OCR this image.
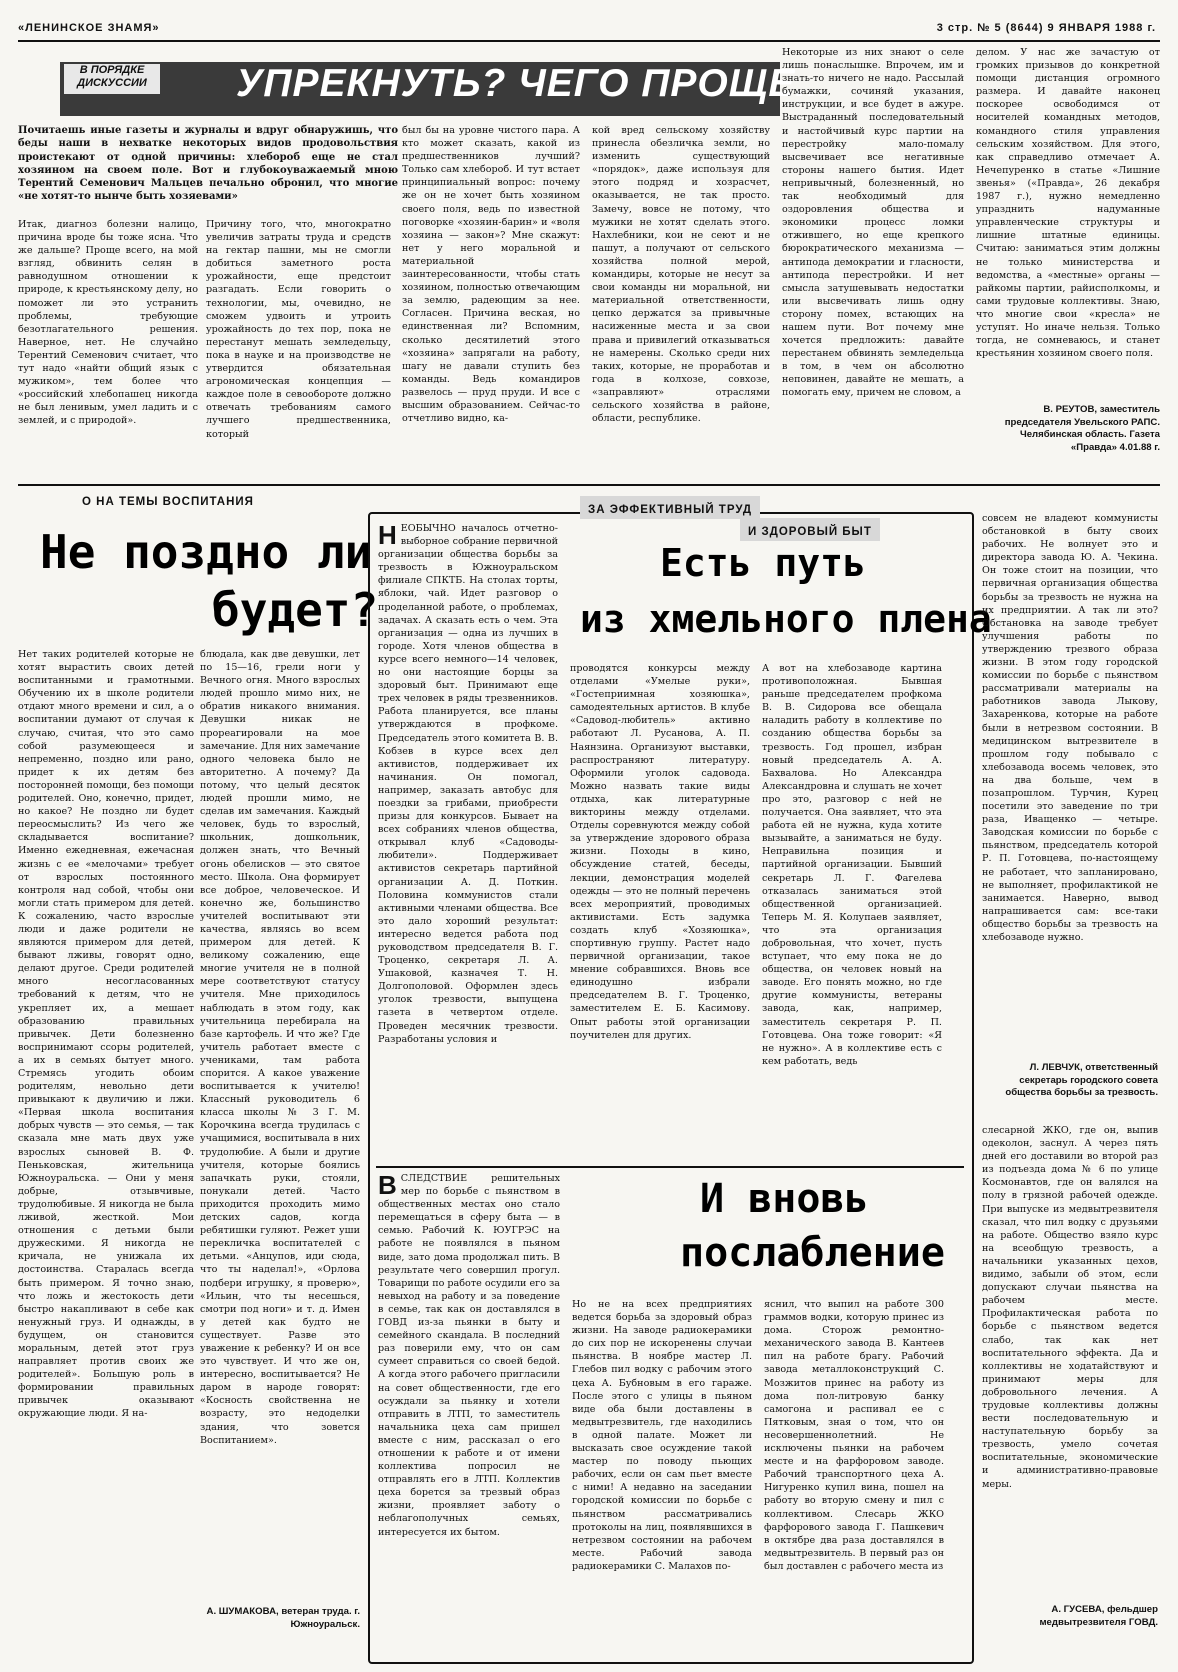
«ЛЕНИНСКОЕ ЗНАМЯ»	3 стр. № 5 (8644) 9 ЯНВАРЯ 1988 г.
В ПОРЯДКЕ ДИСКУССИИ	УПРЕКНУТЬ? ЧЕГО ПРОЩЕ...
Почитаешь иные газеты и журналы и вдруг обнаружишь, что беды наши в нехватке некоторых видов продовольствия проистекают от одной причины: хлебороб еще не стал хозяином на своем поле. Вот и глубокоуважаемый мною Терентий Семенович Мальцев печально обронил, что многие «не хотят-то нынче быть хозяевами»
Итак, диагноз болезни налицо, причина вроде бы тоже ясна. Что же дальше? Проще всего, на мой взгляд, обвинить селян в равнодушном отношении к природе, к крестьянскому делу, но поможет ли это устранить проблемы, требующие безотлагательного решения. Наверное, нет. Не случайно Терентий Семенович считает, что тут надо «найти общий язык с мужиком», тем более что «российский хлебопашец никогда не был ленивым, умел ладить и с землей, и с природой».
Причину того, что, многократно увеличив затраты труда и средств на гектар пашни, мы не смогли добиться заметного роста урожайности, еще предстоит разгадать. Если говорить о технологии, мы, очевидно, не сможем удвоить и утроить урожайность до тех пор, пока не перестанут мешать земледельцу, пока в науке и на производстве не утвердится обязательная агрономическая концепция — каждое поле в севообороте должно отвечать требованиям самого лучшего предшественника, который
был бы на уровне чистого пара. А кто может сказать, какой из предшественников лучший? Только сам хлебороб. И тут встает принципиальный вопрос: почему же он не хочет быть хозяином своего поля, ведь по известной поговорке «хозяин-барин» и «воля хозяина — закон»? Мне скажут: нет у него моральной и материальной заинтересованности, чтобы стать хозяином, полностью отвечающим за землю, радеющим за нее. Согласен. Причина веская, но единственная ли? Вспомним, сколько десятилетий этого «хозяина» запрягали на работу, шагу не давали ступить без команды. Ведь командиров развелось — пруд пруди. И все с высшим образованием. Сейчас-то отчетливо видно, ка-
кой вред сельскому хозяйству принесла обезличка земли, но изменить существующий «порядок», даже используя для этого подряд и хозрасчет, оказывается, не так просто. Замечу, вовсе не потому, что мужики не хотят сделать этого. Нахлебники, кои не сеют и не пашут, а получают от сельского хозяйства полной мерой, командиры, которые не несут за свои команды ни моральной, ни материальной ответственности, цепко держатся за привычные насиженные места и за свои права и привилегий отказываться не намерены. Сколько среди них таких, которые, не проработав и года в колхозе, совхозе, «заправляют» отраслями сельского хозяйства в районе, области, республике.
Некоторые из них знают о селе лишь понаслышке. Впрочем, им и знать-то ничего не надо. Рассылай бумажки, сочиняй указания, инструкции, и все будет в ажуре. Выстраданный последовательный и настойчивый курс партии на перестройку мало-помалу высвечивает все негативные стороны нашего бытия. Идет непривычный, болезненный, но так необходимый для оздоровления общества и экономики процесс ломки отжившего, но еще крепкого бюрократического механизма — антипода демократии и гласности, антипода перестройки. И нет смысла затушевывать недостатки или высвечивать лишь одну сторону помех, встающих на нашем пути. Вот почему мне хочется предложить: давайте перестанем обвинять земледельца в том, в чем он абсолютно неповинен, давайте не мешать, а помогать ему, причем не словом, а
делом. У нас же зачастую от громких призывов до конкретной помощи дистанция огромного размера. И давайте наконец поскорее освободимся от носителей командных методов, командного стиля управления сельским хозяйством. Для этого, как справедливо отмечает А. Нечепуренко в статье «Лишние звенья» («Правда», 26 декабря 1987 г.), нужно немедленно упразднить надуманные управленческие структуры и лишние штатные единицы. Считаю: заниматься этим должны не только министерства и ведомства, а «местные» органы — райкомы партии, райисполкомы, и сами трудовые коллективы. Знаю, что многие свои «кресла» не уступят. Но иначе нельзя. Только тогда, не сомневаюсь, и станет крестьянин хозяином своего поля.
В. РЕУТОВ, заместитель председателя Увельского РАПС. Челябинская область. Газета «Правда» 4.01.88 г.
О НА ТЕМЫ ВОСПИТАНИЯ
Не поздно ли
будет?
Нет таких родителей которые не хотят вырастить своих детей воспитанными и грамотными. Обучению их в школе родители отдают много времени и сил, а о воспитании думают от случая к случаю, считая, что это само собой разумеющееся и непременно, поздно или рано, придет к их детям без посторонней помощи, без помощи родителей. Оно, конечно, придет, но какое? Не поздно ли будет переосмыслить? Из чего же складывается воспитание? Именно ежедневная, ежечасная жизнь с ее «мелочами» требует от взрослых постоянного контроля над собой, чтобы они могли стать примером для детей. К сожалению, часто взрослые люди и даже родители не являются примером для детей, бывают лживы, говорят одно, делают другое. Среди родителей много несогласованных требований к детям, что не укрепляет их, а мешает образованию правильных привычек. Дети болезненно воспринимают ссоры родителей, а их в семьях бытует много. Стремясь угодить обоим родителям, невольно дети привыкают к двуличию и лжи. «Первая школа воспитания добрых чувств — это семья, — так сказала мне мать двух уже взрослых сыновей В. Ф. Пеньковская, жительница Южноуральска. — Они у меня добрые, отзывчивые, трудолюбивые. Я никогда не была лживой, жесткой. Мои отношения с детьми были дружескими. Я никогда не кричала, не унижала их достоинства. Старалась всегда быть примером. Я точно знаю, что ложь и жестокость дети быстро накапливают в себе как ненужный груз. И однажды, в будущем, он становится моральным, детей этот груз направляет против своих же родителей». Большую роль в формировании правильных привычек оказывают окружающие люди. Я на-
блюдала, как две девушки, лет по 15—16, грели ноги у Вечного огня. Много взрослых людей прошло мимо них, не обратив никакого внимания. Девушки никак не прореагировали на мое замечание. Для них замечание одного человека было не авторитетно. А почему? Да потому, что целый десяток людей прошли мимо, не сделав им замечания. Каждый человек, будь то взрослый, школьник, дошкольник, должен знать, что Вечный огонь обелисков — это святое место. Школа. Она формирует все доброе, человеческое. И конечно же, большинство учителей воспитывают эти качества, являясь во всем примером для детей. К великому сожалению, еще многие учителя не в полной мере соответствуют статусу учителя. Мне приходилось наблюдать в этом году, как учительница перебирала на базе картофель. И что же? Где учитель работает вместе с учениками, там работа спорится. А какое уважение воспитывается к учителю! Классный руководитель 6 класса школы № 3 Г. М. Корочкина всегда трудилась с учащимися, воспитывала в них трудолюбие. А были и другие учителя, которые боялись запачкать руки, стояли, понукали детей. Часто приходится проходить мимо детских садов, когда ребятишки гуляют. Режет уши перекличка воспитателей с детьми. «Анцупов, иди сюда, что ты наделал!», «Орлова подбери игрушку, я проверю», «Ильин, что ты несешься, смотри под ноги» и т. д. Имен у детей как будто не существует. Разве это уважение к ребенку? И он все это чувствует. И что же он, интересно, воспитывается? Не даром в народе говорят: «Косность свойственна не возрасту, это недоделки здания, что зовется Воспитанием».
А. ШУМАКОВА, ветеран труда. г. Южноуральск.
ЗА ЭФФЕКТИВНЫЙ ТРУД
И ЗДОРОВЫЙ БЫТ
Есть путь
из хмельного плена
НЕОБЫЧНО началось отчетно-выборное собрание первичной организации общества борьбы за трезвость в Южноуральском филиале СПКТБ. На столах торты, яблоки, чай. Идет разговор о проделанной работе, о проблемах, задачах. А сказать есть о чем. Эта организация — одна из лучших в городе. Хотя членов общества в курсе всего немного—14 человек, но они настоящие борцы за здоровый быт. Принимают еще трех человек в ряды трезвенников. Работа планируется, все планы утверждаются в профкоме. Председатель этого комитета В. В. Кобзев в курсе всех дел активистов, поддерживает их начинания. Он помогал, например, заказать автобус для поездки за грибами, приобрести призы для конкурсов. Бывает на всех собраниях членов общества, открывал клуб «Садоводы-любители». Поддерживает активистов секретарь партийной организации А. Д. Поткин. Половина коммунистов стали активными членами общества. Все это дало хороший результат: интересно ведется работа под руководством председателя В. Г. Троценко, секретаря Л. А. Ушаковой, казначея Т. Н. Долгополовой. Оформлен здесь уголок трезвости, выпущена газета в четвертом отделе. Проведен месячник трезвости. Разработаны условия и
проводятся конкурсы между отделами «Умелые руки», «Гостеприимная хозяюшка», самодеятельных артистов. В клубе «Садовод-любитель» активно работают Л. Русанова, А. П. Наянзина. Организуют выставки, распространяют литературу. Оформили уголок садовода. Можно назвать такие виды отдыха, как литературные викторины между отделами. Отделы соревнуются между собой за утверждение здорового образа жизни. Походы в кино, обсуждение статей, беседы, лекции, демонстрация моделей одежды — это не полный перечень всех мероприятий, проводимых активистами. Есть задумка создать клуб «Хозяюшка», спортивную группу. Растет надо первичной организации, такое мнение собравшихся. Вновь все единодушно избрали председателем В. Г. Троценко, заместителем Е. Б. Касимову. Опыт работы этой организации поучителен для других.
А вот на хлебозаводе картина противоположная. Бывшая раньше председателем профкома В. В. Сидорова все обещала наладить работу в коллективе по созданию общества борьбы за трезвость. Год прошел, избран новый председатель А. А. Бахвалова. Но Александра Александровна и слушать не хочет про это, разговор с ней не получается. Она заявляет, что эта работа ей не нужна, куда хотите вызывайте, а заниматься не буду. Неправильна позиция и партийной организации. Бывший секретарь Л. Г. Фагелева отказалась заниматься этой общественной организацией. Теперь М. Я. Колупаев заявляет, что эта организация добровольная, что хочет, пусть вступает, что ему пока не до общества, он человек новый на заводе. Его понять можно, но где другие коммунисты, ветераны завода, как, например, заместитель секретаря Р. П. Готовцева. Она тоже говорит: «Я не нужно». А в коллективе есть с кем работать, ведь
совсем не владеют коммунисты обстановкой в быту своих рабочих. Не волнует это и директора завода Ю. А. Чекина. Он тоже стоит на позиции, что первичная организация общества борьбы за трезвость не нужна на их предприятии. А так ли это? Обстановка на заводе требует улучшения работы по утверждению трезвого образа жизни. В этом году городской комиссии по борьбе с пьянством рассматривали материалы на работников завода Лыкову, Захаренкова, которые на работе были в нетрезвом состоянии. В медицинском вытрезвителе в прошлом году побывало с хлебозавода восемь человек, это на два больше, чем в позапрошлом. Турчин, Курец посетили это заведение по три раза, Иващенко — четыре. Заводская комиссии по борьбе с пьянством, председатель которой Р. П. Готовцева, по-настоящему не работает, что запланировано, не выполняет, профилактикой не занимается. Наверно, вывод напрашивается сам: все-таки общество борьбы за трезвость на хлебозаводе нужно.
Л. ЛЕВЧУК, ответственный секретарь городского совета общества борьбы за трезвость.
И вновь
послабление
ВСЛЕДСТВИЕ решительных мер по борьбе с пьянством в общественных местах оно стало перемещаться в сферу быта — в семью. Рабочий К. ЮУГРЭС на работе не появлялся в пьяном виде, зато дома продолжал пить. В результате чего совершил прогул. Товарищи по работе осудили его за невыход на работу и за поведение в семье, так как он доставлялся в ГОВД из-за пьянки в быту и семейного скандала. В последний раз поверили ему, что он сам сумеет справиться со своей бедой. А когда этого рабочего пригласили на совет общественности, где его осуждали за пьянку и хотели отправить в ЛТП, то заместитель начальника цеха сам пришел вместе с ним, рассказал о его отношении к работе и от имени коллектива попросил не отправлять его в ЛТП. Коллектив цеха борется за трезвый образ жизни, проявляет заботу о неблагополучных семьях, интересуется их бытом.
Но не на всех предприятиях ведется борьба за здоровый образ жизни. На заводе радиокерамики до сих пор не искоренены случаи пьянства. В ноябре мастер Л. Глебов пил водку с рабочим этого цеха А. Бубновым в его гараже. После этого с улицы в пьяном виде оба были доставлены в медвытрезвитель, где находились в одной палате. Может ли высказать свое осуждение такой мастер по поводу пьющих рабочих, если он сам пьет вместе с ними! А недавно на заседании городской комиссии по борьбе с пьянством рассматривались протоколы на лиц, появлявшихся в нетрезвом состоянии на рабочем месте. Рабочий завода радиокерамики С. Малахов по-
яснил, что выпил на работе 300 граммов водки, которую принес из дома. Сторож ремонтно-механического завода В. Кантеев пил на работе брагу. Рабочий завода металлоконструкций С. Мозжитов принес на работу из дома пол-литровую банку самогона и распивал ее с Пятковым, зная о том, что он несовершеннолетний. Не исключены пьянки на рабочем месте и на фарфоровом заводе. Рабочий транспортного цеха А. Нигуренко купил вина, пошел на работу во вторую смену и пил с коллективом. Слесарь ЖКО фарфорового завода Г. Пашкевич в октябре два раза доставлялся в медвытрезвитель. В первый раз он был доставлен с рабочего места из
слесарной ЖКО, где он, выпив одеколон, заснул. А через пять дней его доставили во второй раз из подъезда дома № 6 по улице Космонавтов, где он валялся на полу в грязной рабочей одежде. При выпуске из медвытрезвителя сказал, что пил водку с друзьями на работе. Общество взяло курс на всеобщую трезвость, а начальники указанных цехов, видимо, забыли об этом, если допускают случаи пьянства на рабочем месте. Профилактическая работа по борьбе с пьянством ведется слабо, так как нет воспитательного эффекта. Да и коллективы не ходатайствуют и принимают меры для добровольного лечения. А трудовые коллективы должны вести последовательную и наступательную борьбу за трезвость, умело сочетая воспитательные, экономические и административно-правовые меры.
А. ГУСЕВА, фельдшер медвытрезвителя ГОВД.
